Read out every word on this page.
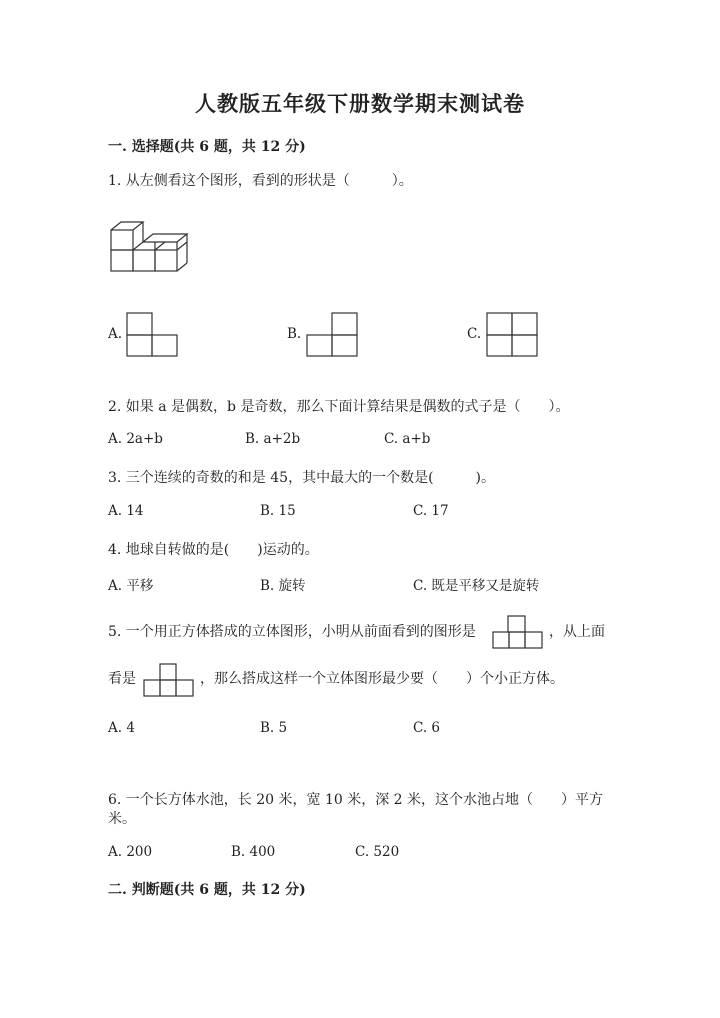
人教版五年级下册数学期末测试卷
一. 选择题(共 6 题，共 12 分)
1. 从左侧看这个图形，看到的形状是（　　　）。
A.	B.	C.
2. 如果 a 是偶数，b 是奇数，那么下面计算结果是偶数的式子是（　　）。
A. 2a+b	B. a+2b	C. a+b
3. 三个连续的奇数的和是 45，其中最大的一个数是(　　　)。
A. 14	B. 15	C. 17
4. 地球自转做的是(　　)运动的。
A. 平移	B. 旋转	C. 既是平移又是旋转
5. 一个用正方体搭成的立体图形，小明从前面看到的图形是	，从上面
看是	，那么搭成这样一个立体图形最少要（　　）个小正方体。
A. 4	B. 5	C. 6
6. 一个长方体水池，长 20 米，宽 10 米，深 2 米，这个水池占地（　　）平方
米。
A. 200	B. 400	C. 520
二. 判断题(共 6 题，共 12 分)
